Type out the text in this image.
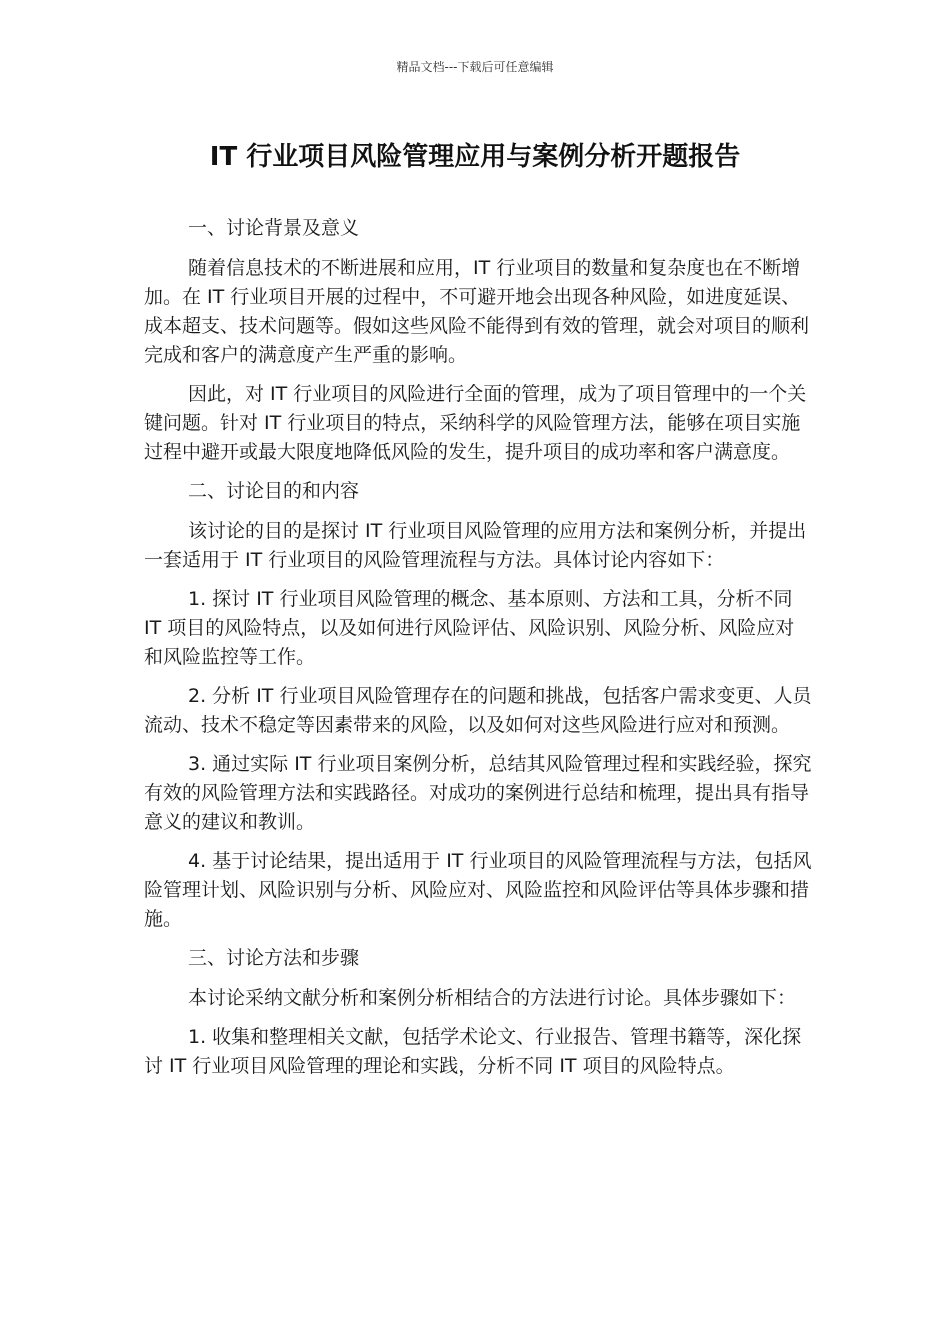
精品文档---下载后可任意编辑
IT 行业项目风险管理应用与案例分析开题报告

一、讨论背景及意义

随着信息技术的不断进展和应用，IT 行业项目的数量和复杂度也在不断增加。在 IT 行业项目开展的过程中，不可避开地会出现各种风险，如进度延误、成本超支、技术问题等。假如这些风险不能得到有效的管理，就会对项目的顺利完成和客户的满意度产生严重的影响。

因此，对 IT 行业项目的风险进行全面的管理，成为了项目管理中的一个关键问题。针对 IT 行业项目的特点，采纳科学的风险管理方法，能够在项目实施过程中避开或最大限度地降低风险的发生，提升项目的成功率和客户满意度。

二、讨论目的和内容

该讨论的目的是探讨 IT 行业项目风险管理的应用方法和案例分析，并提出一套适用于 IT 行业项目的风险管理流程与方法。具体讨论内容如下：

1. 探讨 IT 行业项目风险管理的概念、基本原则、方法和工具，分析不同 IT 项目的风险特点，以及如何进行风险评估、风险识别、风险分析、风险应对和风险监控等工作。

2. 分析 IT 行业项目风险管理存在的问题和挑战，包括客户需求变更、人员流动、技术不稳定等因素带来的风险，以及如何对这些风险进行应对和预测。

3. 通过实际 IT 行业项目案例分析，总结其风险管理过程和实践经验，探究有效的风险管理方法和实践路径。对成功的案例进行总结和梳理，提出具有指导意义的建议和教训。

4. 基于讨论结果，提出适用于 IT 行业项目的风险管理流程与方法，包括风险管理计划、风险识别与分析、风险应对、风险监控和风险评估等具体步骤和措施。

三、讨论方法和步骤

本讨论采纳文献分析和案例分析相结合的方法进行讨论。具体步骤如下：

1. 收集和整理相关文献，包括学术论文、行业报告、管理书籍等，深化探讨 IT 行业项目风险管理的理论和实践，分析不同 IT 项目的风险特点。
